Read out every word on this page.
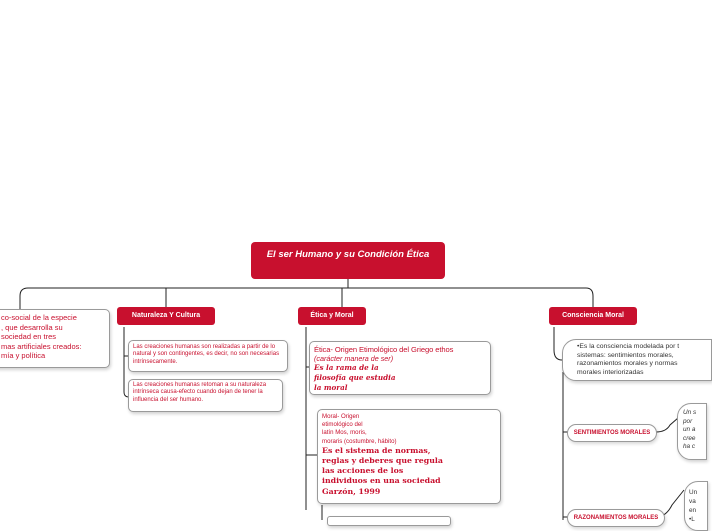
El ser Humano y su Condición Ética
co-social de la especie
, que desarrolla su
sociedad en tres
mas artificiales creados:
mía y política
Naturaleza Y Cultura
Las creaciones humanas son realizadas a partir de lo natural y son contingentes, es decir, no son necesarias intrínsecamente.
Las creaciones humanas retoman a su naturaleza intrínseca causa-efecto cuando dejan de tener la influencia del ser humano.
Ética y Moral
Ética- Origen Etimológico del Griego ethos
(carácter manera de ser)
Es la rama de la
filosofía que estudia
la moral
Moral- Origen
etimológico del
latín Mos, moris,
moraris (costumbre, hábito)
Es el sistema de normas,
reglas y deberes que regula
las acciones de los
individuos en una sociedad
Garzón, 1999
Consciencia Moral
•Es la consciencia modelada por t
sistemas: sentimientos morales,
razonamientos morales y normas
morales interiorizadas
SENTIMIENTOS MORALES
RAZONAMIENTOS MORALES
Un s
por
un a
cree
ha c
Un
va
en
•L
